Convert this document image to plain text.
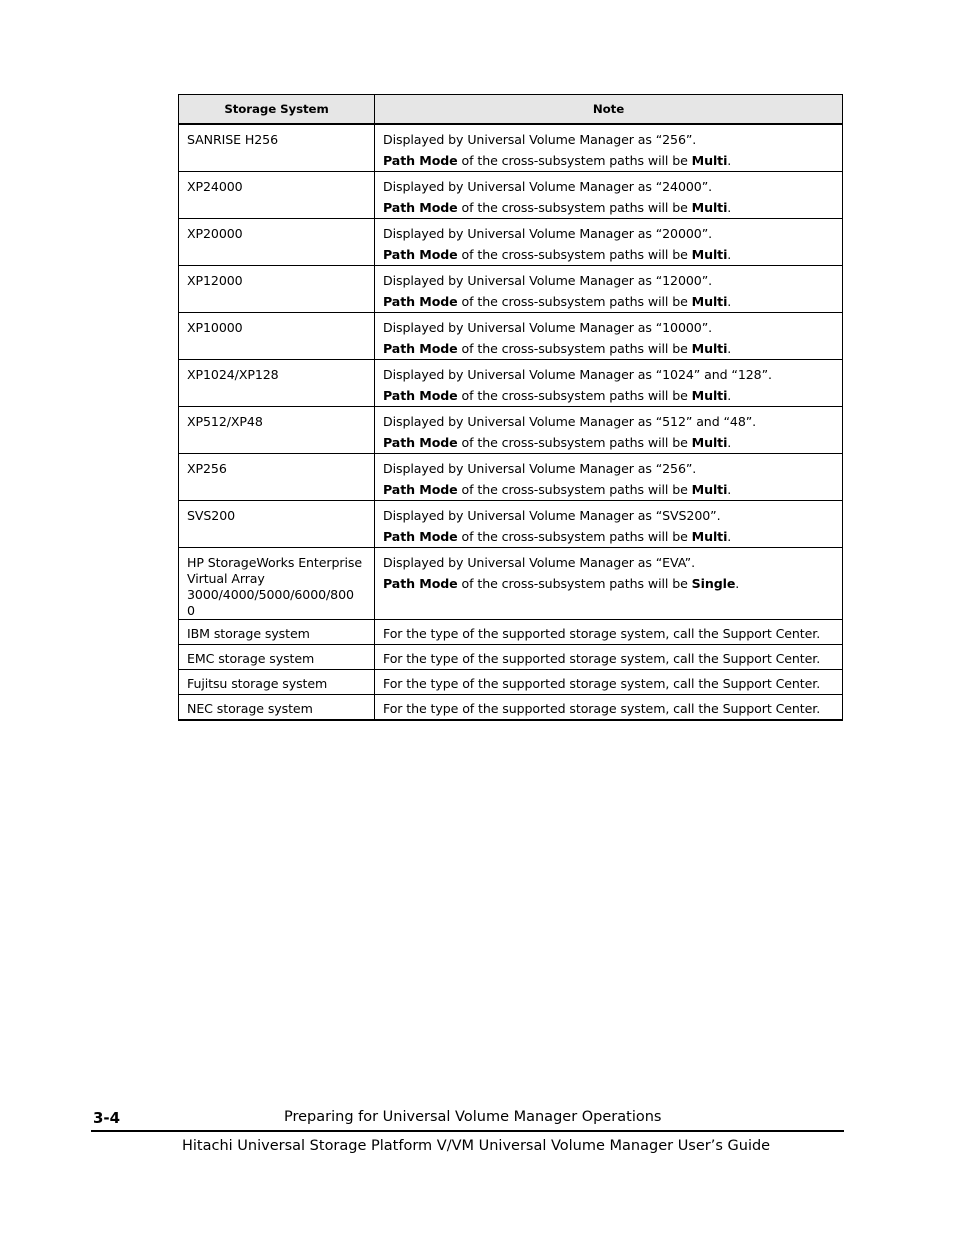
Storage System	Note
SANRISE H256	Displayed by Universal Volume Manager as “256”.
Path Mode of the cross-subsystem paths will be Multi.

XP24000	Displayed by Universal Volume Manager as “24000”.
Path Mode of the cross-subsystem paths will be Multi.

XP20000	Displayed by Universal Volume Manager as “20000”.
Path Mode of the cross-subsystem paths will be Multi.

XP12000	Displayed by Universal Volume Manager as “12000”.
Path Mode of the cross-subsystem paths will be Multi.

XP10000	Displayed by Universal Volume Manager as “10000”.
Path Mode of the cross-subsystem paths will be Multi.

XP1024/XP128	Displayed by Universal Volume Manager as “1024” and “128”.
Path Mode of the cross-subsystem paths will be Multi.

XP512/XP48	Displayed by Universal Volume Manager as “512” and “48”.
Path Mode of the cross-subsystem paths will be Multi.

XP256	Displayed by Universal Volume Manager as “256”.
Path Mode of the cross-subsystem paths will be Multi.

SVS200	Displayed by Universal Volume Manager as “SVS200”.
Path Mode of the cross-subsystem paths will be Multi.

HP StorageWorks Enterprise
Virtual Array
3000/4000/5000/6000/800
0	Displayed by Universal Volume Manager as “EVA”.
Path Mode of the cross-subsystem paths will be Single.

IBM storage system	For the type of the supported storage system, call the Support Center.
EMC storage system	For the type of the supported storage system, call the Support Center.
Fujitsu storage system	For the type of the supported storage system, call the Support Center.
NEC storage system	For the type of the supported storage system, call the Support Center.
3-4	Preparing for Universal Volume Manager Operations
Hitachi Universal Storage Platform V/VM Universal Volume Manager User’s Guide
